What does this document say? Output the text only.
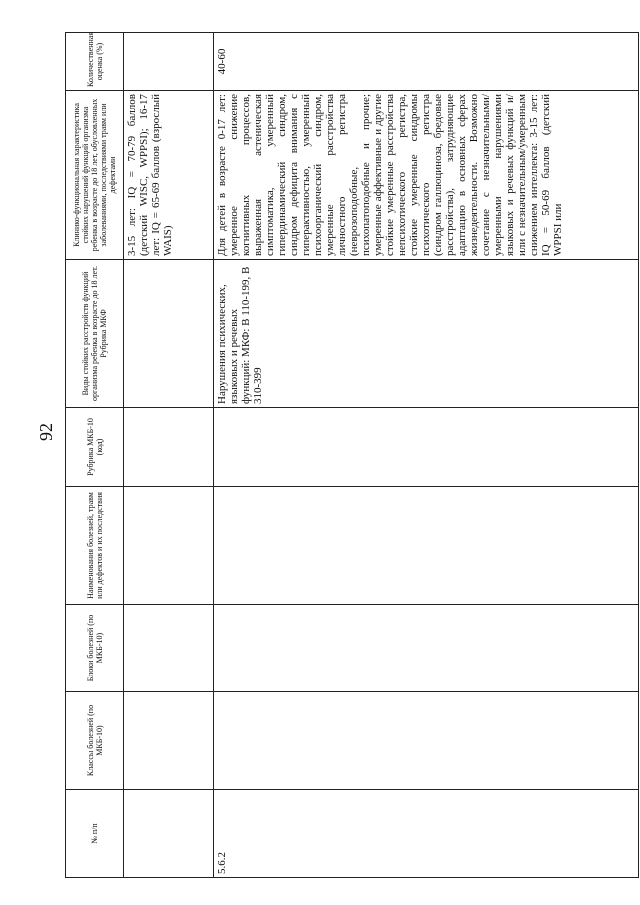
92
№ п/п	Классы болезней (по МКБ-10)	Блоки болезней (по МКБ-10)	Наименования болезней, травм или дефектов и их последствия	Рубрика МКБ-10 (код)	Виды стойких расстройств функций организма ребенка в возрасте до 18 лет. Рубрика МКФ	Клинико-функциональная характеристика стойких нарушений функций организма ребенка в возрасте до 18 лет, обусловленных заболеваниями, последствиями травм или дефектами	Количественная оценка (%)
						3-15 лет: IQ = 70-79 баллов (детский WISC, WPPSI); 16-17 лет: IQ = 65-69 баллов (взрослый WAIS)	
5.6.2					Нарушения психических, языковых и речевых функций: МКФ: В 110-199, В 310-399	Для детей в возрасте 0-17 лет: умеренное снижение когнитивных процессов, выраженная астеническая симптоматика, умеренный гипердинамический синдром, синдром дефицита внимания с гиперактивностью, умеренный психоорганический синдром, умеренные расстройства личностного регистра (неврозоподобные, психопатоподобные и прочие; умеренные аффективные и другие стойкие умеренные расстройства непсихотического регистра, стойкие умеренные синдромы психотического регистра (синдром галлюциноза, бредовые расстройства), затрудняющие адаптацию в основных сферах жизнедеятельности. Возможно сочетание с незначительными/умеренными нарушениями языковых и речевых функций и/или с незначительным/умеренным снижением интеллекта: 3-15 лет: IQ = 50-69 баллов (детский WPPSI или	40-60
